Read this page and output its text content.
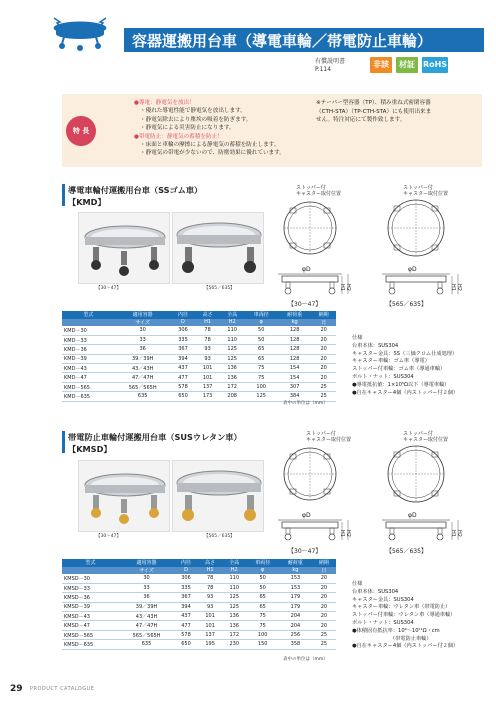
容器運搬用台車（導電車輪／帯電防止車輪）
有償説明書
P.114
非該	材証 RoHS
特 長
●導電：静電気を放出！
・優れた導電性能で静電気を放出します。
・静電気除去により塵埃の吸着を防ぎます。
・静電気による災害防止になります。
●帯電防止：静電気の蓄積を防止！
・床面と車輪の摩擦による静電気の蓄積を防止します。
・静電気の帯電が少ないので、防塵効果に優れています。
※テーパー型容器（TP）、積み重ね式密閉容器
（CTH-STA）（TP-CTH-STA）にも使用出来ま
せん。特注対応にて製作致します。
導電車輪付運搬用台車（SSゴム車）
【KMD】
【30～47】	【565／635】
ストッパー付
キャスター取付位置
ストッパー付
キャスター取付位置
φD
H1 H2
【30～47】
φD
H1 H2
【565／635】
型式	適用容器	内径	高さ	全高	車両径	耐荷重	納期
	サイズ	D	H1	H2	φ	kg	日
KMD－30	30	306	78	110	50	128	20
KMD－33	33	335	78	110	50	128	20
KMD－36	36	367	93	125	65	128	20
KMD－39	39／39H	394	93	125	65	128	20
KMD－43	43／43H	437	101	136	75	154	20
KMD－47	47／47H	477	101	136	75	154	20
KMD－565	565／565H	578	137	172	100	307	25
KMD－635	635	650	173	208	125	384	25
表中の単位は（mm）
仕様
台車本体：SUS304
キャスター金具：SS（三価クロム仕成処理）
キャスター車輪：ゴム車（導電）
ストッパー付車輪：ゴム車（導通車輪）
ボルト・ナット：SUS304
●導電抵抗値：1×10⁵Ω以下（導電車輪）
●自在キャスター4個（内ストッパー付２個）
帯電防止車輪付運搬用台車（SUSウレタン車）
【KMSD】
【30～47】	【565／635】
ストッパー付
キャスター取付位置
ストッパー付
キャスター取付位置
φD
H1 H2
【30～47】
φD
H1 H2
【565／635】
型式	適用容器	内径	高さ	全高	車両径	耐荷重	納期
	サイズ	D	H1	H2	φ	kg	日
KMSD－30	30	306	78	110	50	153	20
KMSD－33	33	335	78	110	50	153	20
KMSD－36	36	367	93	125	65	179	20
KMSD－39	39／39H	394	93	125	65	179	20
KMSD－43	43／43H	437	101	136	75	204	20
KMSD－47	47／47H	477	101	136	75	204	20
KMSD－565	565／565H	578	137	172	100	256	25
KMSD－635	635	650	195	230	150	358	25
表中の単位は（mm）
仕様
台車本体：SUS304
キャスター金具：SUS304
キャスター車輪：ウレタン車（帯電防止）
ストッパー付車輪：ウレタン車（導通車輪）
ボルト・ナット：SUS304
●体積固有抵抗率：10⁹～10¹¹Ω・cm
（帯電防止車輪）
●自在キャスター4個（内ストッパー付２個）
29 PRODUCT CATALOGUE
